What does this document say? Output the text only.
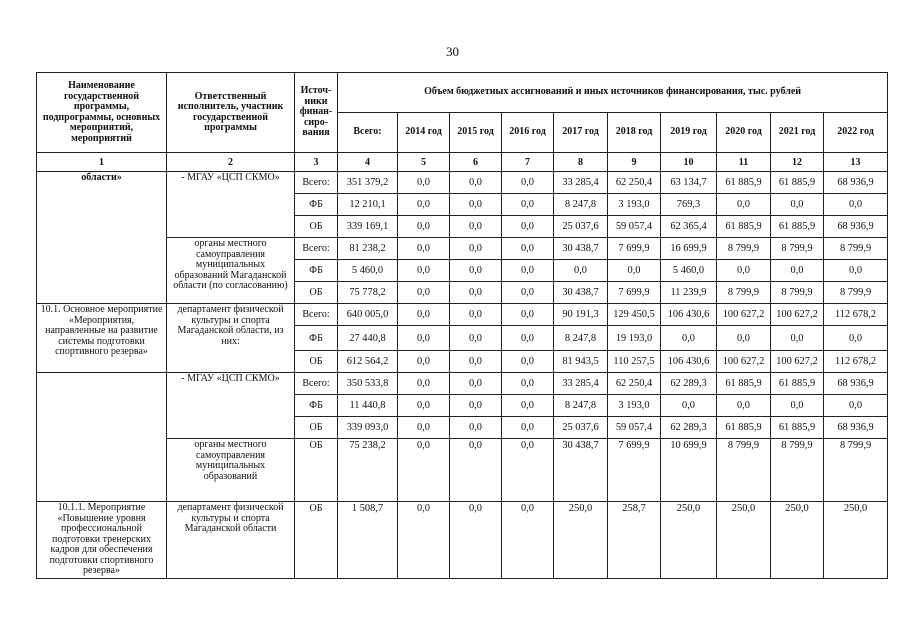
30
Наименование государственной программы, подпрограммы, основных мероприятий, мероприятий	Ответственный исполнитель, участник государственной программы	Источ-ники финан-сиро-вания	Объем бюджетных ассигнований и иных источников финансирования, тыс. рублей									
			Всего:	2014 год	2015 год	2016 год	2017 год	2018 год	2019 год	2020 год	2021 год	2022 год
1	2	3	4	5	6	7	8	9	10	11	12	13
области»	- МГАУ «ЦСП СКМО»	Всего:	351 379,2	0,0	0,0	0,0	33 285,4	62 250,4	63 134,7	61 885,9	61 885,9	68 936,9
		ФБ	12 210,1	0,0	0,0	0,0	8 247,8	3 193,0	769,3	0,0	0,0	0,0
		ОБ	339 169,1	0,0	0,0	0,0	25 037,6	59 057,4	62 365,4	61 885,9	61 885,9	68 936,9
	органы местного самоуправления муниципальных образований Магаданской области (по согласованию)	Всего:	81 238,2	0,0	0,0	0,0	30 438,7	7 699,9	16 699,9	8 799,9	8 799,9	8 799,9
		ФБ	5 460,0	0,0	0,0	0,0	0,0	0,0	5 460,0	0,0	0,0	0,0
		ОБ	75 778,2	0,0	0,0	0,0	30 438,7	7 699,9	11 239,9	8 799,9	8 799,9	8 799,9
10.1. Основное мероприятие «Мероприятия, направленные на развитие системы подготовки спортивного резерва»	департамент физической культуры и спорта Магаданской области, из них:	Всего:	640 005,0	0,0	0,0	0,0	90 191,3	129 450,5	106 430,6	100 627,2	100 627,2	112 678,2
		ФБ	27 440,8	0,0	0,0	0,0	8 247,8	19 193,0	0,0	0,0	0,0	0,0
		ОБ	612 564,2	0,0	0,0	0,0	81 943,5	110 257,5	106 430,6	100 627,2	100 627,2	112 678,2
	- МГАУ «ЦСП СКМО»	Всего:	350 533,8	0,0	0,0	0,0	33 285,4	62 250,4	62 289,3	61 885,9	61 885,9	68 936,9
		ФБ	11 440,8	0,0	0,0	0,0	8 247,8	3 193,0	0,0	0,0	0,0	0,0
		ОБ	339 093,0	0,0	0,0	0,0	25 037,6	59 057,4	62 289,3	61 885,9	61 885,9	68 936,9
	органы местного самоуправления муниципальных образований	ОБ	75 238,2	0,0	0,0	0,0	30 438,7	7 699,9	10 699,9	8 799,9	8 799,9	8 799,9
10.1.1. Мероприятие «Повышение уровня профессиональной подготовки тренерских кадров для обеспечения подготовки спортивного резерва»	департамент физической культуры и спорта Магаданской области	ОБ	1 508,7	0,0	0,0	0,0	250,0	258,7	250,0	250,0	250,0	250,0
